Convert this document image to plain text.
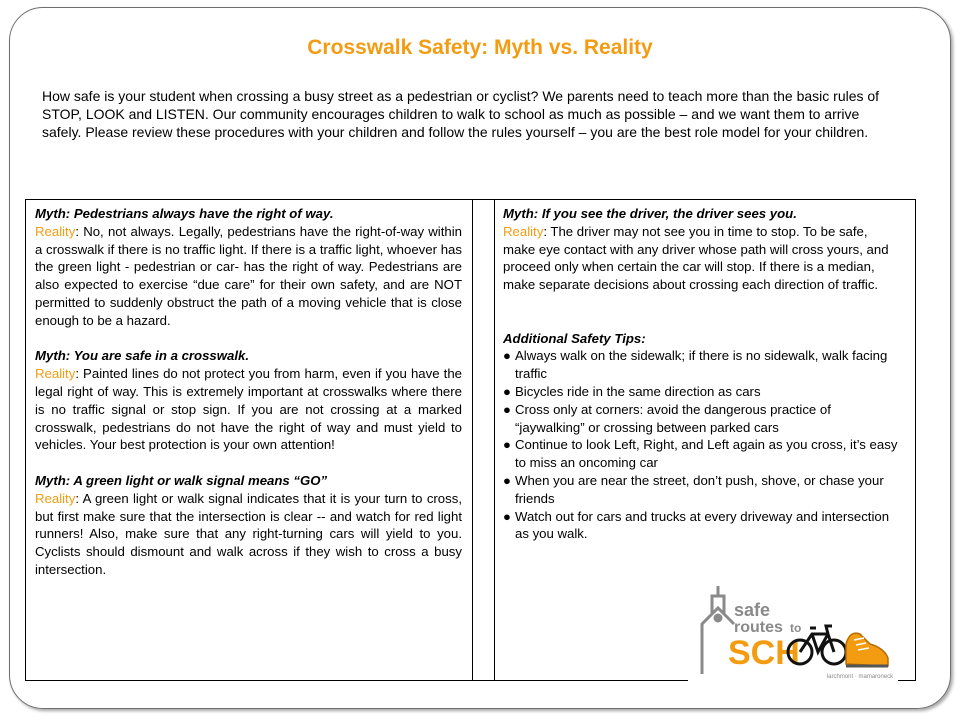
Crosswalk Safety: Myth vs. Reality

How safe is your student when crossing a busy street as a pedestrian or cyclist? We parents need to teach more than the basic rules of STOP, LOOK and LISTEN. Our community encourages children to walk to school as much as possible – and we want them to arrive safely. Please review these procedures with your children and follow the rules yourself – you are the best role model for your children.

Myth: Pedestrians always have the right of way.

Reality: No, not always. Legally, pedestrians have the right-of-way within a crosswalk if there is no traffic light. If there is a traffic light, whoever has the green light - pedestrian or car- has the right of way. Pedestrians are also expected to exercise “due care” for their own safety, and are NOT permitted to suddenly obstruct the path of a moving vehicle that is close enough to be a hazard.

Myth: You are safe in a crosswalk.

Reality: Painted lines do not protect you from harm, even if you have the legal right of way. This is extremely important at crosswalks where there is no traffic signal or stop sign. If you are not crossing at a marked crosswalk, pedestrians do not have the right of way and must yield to vehicles. Your best protection is your own attention!

Myth: A green light or walk signal means “GO”

Reality: A green light or walk signal indicates that it is your turn to cross, but first make sure that the intersection is clear -- and watch for red light runners! Also, make sure that any right-turning cars will yield to you. Cyclists should dismount and walk across if they wish to cross a busy intersection.

Myth: If you see the driver, the driver sees you.

Reality: The driver may not see you in time to stop. To be safe, make eye contact with any driver whose path will cross yours, and proceed only when certain the car will stop. If there is a median, make separate decisions about crossing each direction of traffic.

Additional Safety Tips:

● Always walk on the sidewalk; if there is no sidewalk, walk facing traffic
● Bicycles ride in the same direction as cars
● Cross only at corners: avoid the dangerous practice of “jaywalking” or crossing between parked cars
● Continue to look Left, Right, and Left again as you cross, it’s easy to miss an oncoming car
● When you are near the street, don’t push, shove, or chase your friends
● Watch out for cars and trucks at every driveway and intersection as you walk.
safe
routes to
SCH
larchmont · mamaroneck
